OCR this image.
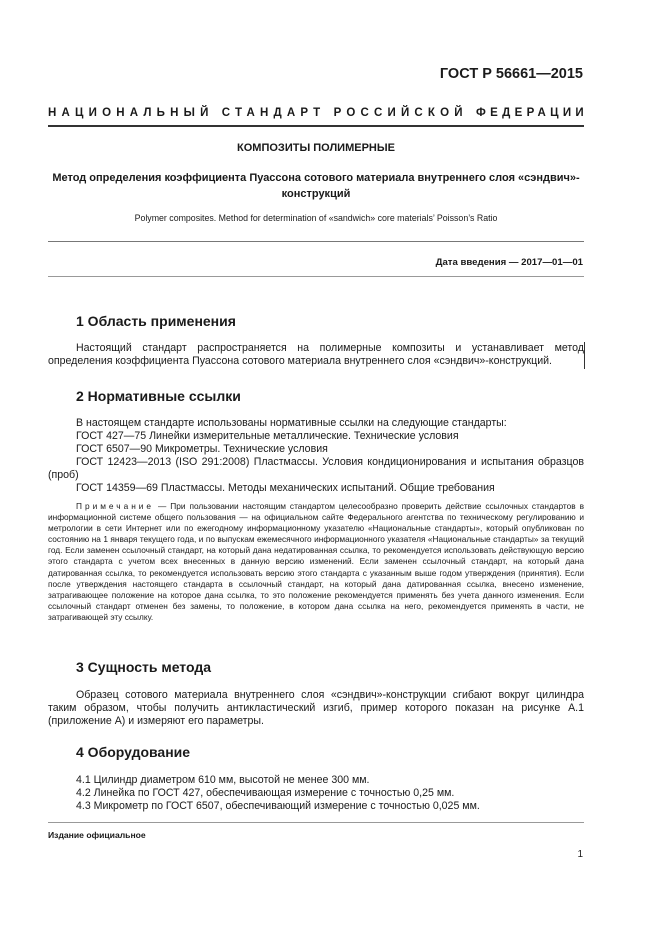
ГОСТ Р 56661—2015
НАЦИОНАЛЬНЫЙ СТАНДАРТ РОССИЙСКОЙ ФЕДЕРАЦИИ
КОМПОЗИТЫ ПОЛИМЕРНЫЕ
Метод определения коэффициента Пуассона сотового материала внутреннего слоя «сэндвич»-конструкций
Polymer composites. Method for determination of «sandwich» core materials’ Poisson’s Ratio
Дата введения — 2017—01—01
1 Область применения
Настоящий стандарт распространяется на полимерные композиты и устанавливает метод определения коэффициента Пуассона сотового материала внутреннего слоя «сэндвич»-конструкций.
2 Нормативные ссылки
В настоящем стандарте использованы нормативные ссылки на следующие стандарты:
ГОСТ 427—75 Линейки измерительные металлические. Технические условия
ГОСТ 6507—90 Микрометры. Технические условия
ГОСТ 12423—2013 (ISO 291:2008) Пластмассы. Условия кондиционирования и испытания образцов (проб)
ГОСТ 14359—69 Пластмассы. Методы механических испытаний. Общие требования
Примечание — При пользовании настоящим стандартом целесообразно проверить действие ссылочных стандартов в информационной системе общего пользования — на официальном сайте Федерального агентства по техническому регулированию и метрологии в сети Интернет или по ежегодному информационному указателю «Национальные стандарты», который опубликован по состоянию на 1 января текущего года, и по выпускам ежемесячного информационного указателя «Национальные стандарты» за текущий год. Если заменен ссылочный стандарт, на который дана недатированная ссылка, то рекомендуется использовать действующую версию этого стандарта с учетом всех внесенных в данную версию изменений. Если заменен ссылочный стандарт, на который дана датированная ссылка, то рекомендуется использовать версию этого стандарта с указанным выше годом утверждения (принятия). Если после утверждения настоящего стандарта в ссылочный стандарт, на который дана датированная ссылка, внесено изменение, затрагивающее положение на которое дана ссылка, то это положение рекомендуется применять без учета данного изменения. Если ссылочный стандарт отменен без замены, то положение, в котором дана ссылка на него, рекомендуется применять в части, не затрагивающей эту ссылку.
3 Сущность метода
Образец сотового материала внутреннего слоя «сэндвич»-конструкции сгибают вокруг цилиндра таким образом, чтобы получить антикластический изгиб, пример которого показан на рисунке А.1 (приложение А) и измеряют его параметры.
4 Оборудование
4.1 Цилиндр диаметром 610 мм, высотой не менее 300 мм.
4.2 Линейка по ГОСТ 427, обеспечивающая измерение с точностью 0,25 мм.
4.3 Микрометр по ГОСТ 6507, обеспечивающий измерение с точностью 0,025 мм.
Издание официальное
1
